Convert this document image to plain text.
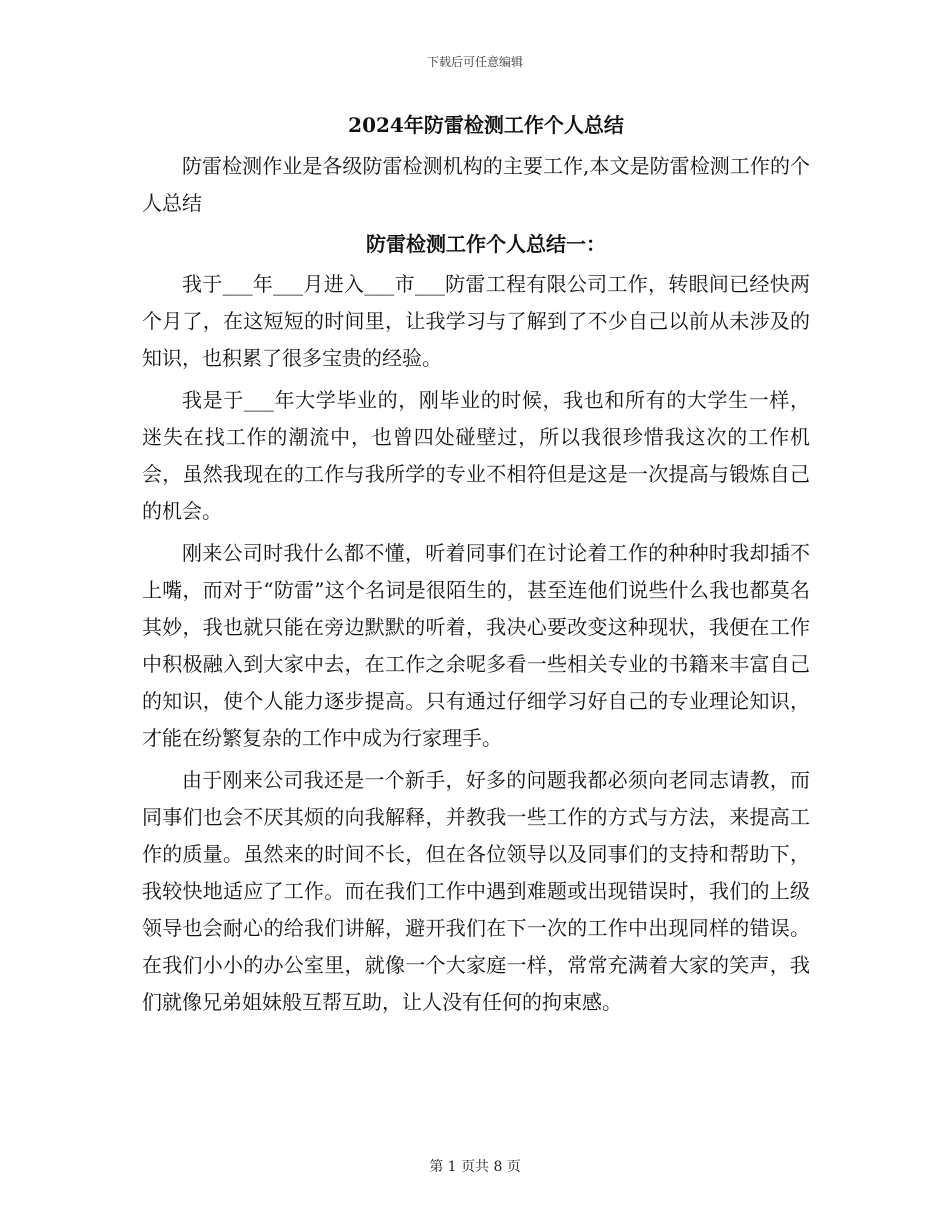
下载后可任意编辑
2024年防雷检测工作个人总结

防雷检测作业是各级防雷检测机构的主要工作,本文是防雷检测工作的个人总结

防雷检测工作个人总结一：

我于___年___月进入___市___防雷工程有限公司工作，转眼间已经快两个月了，在这短短的时间里，让我学习与了解到了不少自己以前从未涉及的知识，也积累了很多宝贵的经验。

我是于___年大学毕业的，刚毕业的时候，我也和所有的大学生一样，迷失在找工作的潮流中，也曾四处碰壁过，所以我很珍惜我这次的工作机会，虽然我现在的工作与我所学的专业不相符但是这是一次提高与锻炼自己的机会。

刚来公司时我什么都不懂，听着同事们在讨论着工作的种种时我却插不上嘴，而对于“防雷”这个名词是很陌生的，甚至连他们说些什么我也都莫名其妙，我也就只能在旁边默默的听着，我决心要改变这种现状，我便在工作中积极融入到大家中去，在工作之余呢多看一些相关专业的书籍来丰富自己的知识，使个人能力逐步提高。只有通过仔细学习好自己的专业理论知识，才能在纷繁复杂的工作中成为行家理手。

由于刚来公司我还是一个新手，好多的问题我都必须向老同志请教，而同事们也会不厌其烦的向我解释，并教我一些工作的方式与方法，来提高工作的质量。虽然来的时间不长，但在各位领导以及同事们的支持和帮助下，我较快地适应了工作。而在我们工作中遇到难题或出现错误时，我们的上级领导也会耐心的给我们讲解，避开我们在下一次的工作中出现同样的错误。在我们小小的办公室里，就像一个大家庭一样，常常充满着大家的笑声，我们就像兄弟姐妹般互帮互助，让人没有任何的拘束感。

第 1 页共 8 页
